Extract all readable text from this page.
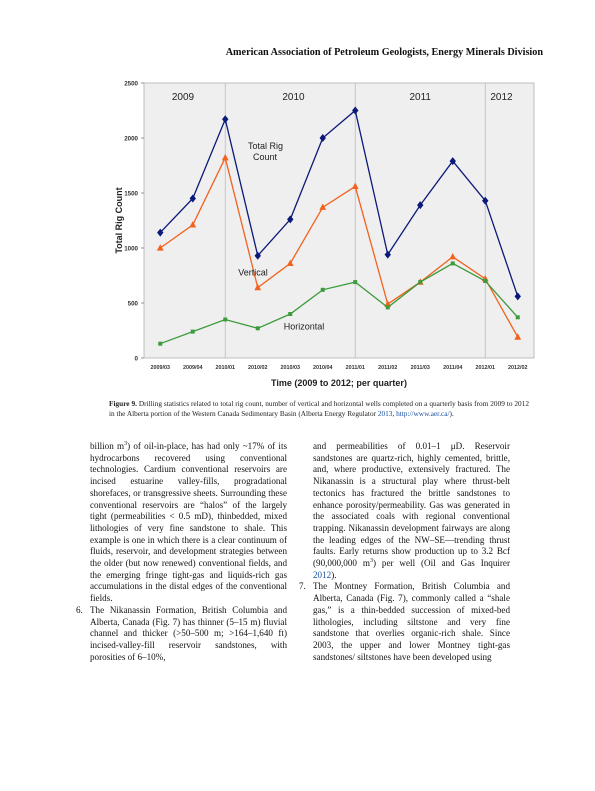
American Association of Petroleum Geologists, Energy Minerals Division
2009	2010	2011	2012
0
500
1000
1500
2000
2500
2009/03 2009/04 2010/01 2010/02 2010/03 2010/04 2011/01 2011/02 2011/03 2011/04 2012/01 2012/02
Time (2009 to 2012; per quarter)
Total Rig Count
Total Rig
Count
Vertical
Horizontal
Figure 9. Drilling statistics related to total rig count, number of vertical and horizontal wells completed on a quarterly basis from 2009 to 2012 in the Alberta portion of the Western Canada Sedimentary Basin (Alberta Energy Regulator 2013, http://www.aer.ca/).

billion $m^3$) of oil-in-place, has had only ~17% of its hydrocarbons recovered using conventional technologies. Cardium conventional reservoirs are incised estuarine valley-fills, progradational shorefaces, or transgressive sheets. Surrounding these conventional reservoirs are “halos” of the largely tight (permeabilities < 0.5 mD), thinbedded, mixed lithologies of very fine sandstone to shale. This example is one in which there is a clear continuum of fluids, reservoir, and development strategies between the older (but now renewed) conventional fields, and the emerging fringe tight-gas and liquids-rich gas accumulations in the distal edges of the conventional fields.

6. The Nikanassin Formation, British Columbia and Alberta, Canada (Fig. 7) has thinner (5–15 m) fluvial channel and thicker (>50–500 m; >164–1,640 ft) incised-valley-fill reservoir sandstones, with porosities of 6–10%,

and permeabilities of 0.01–1 μD. Reservoir sandstones are quartz-rich, highly cemented, brittle, and, where productive, extensively fractured. The Nikanassin is a structural play where thrust-belt tectonics has fractured the brittle sandstones to enhance porosity/permeability. Gas was generated in the associated coals with regional conventional trapping. Nikanassin development fairways are along the leading edges of the NW–SE—trending thrust faults. Early returns show production up to 3.2 Bcf (90,000,000 $m^3$) per well (Oil and Gas Inquirer 2012).

7. The Montney Formation, British Columbia and Alberta, Canada (Fig. 7), commonly called a “shale gas,” is a thin-bedded succession of mixed-bed lithologies, including siltstone and very fine sandstone that overlies organic-rich shale. Since 2003, the upper and lower Montney tight-gas sandstones/ siltstones have been developed using
